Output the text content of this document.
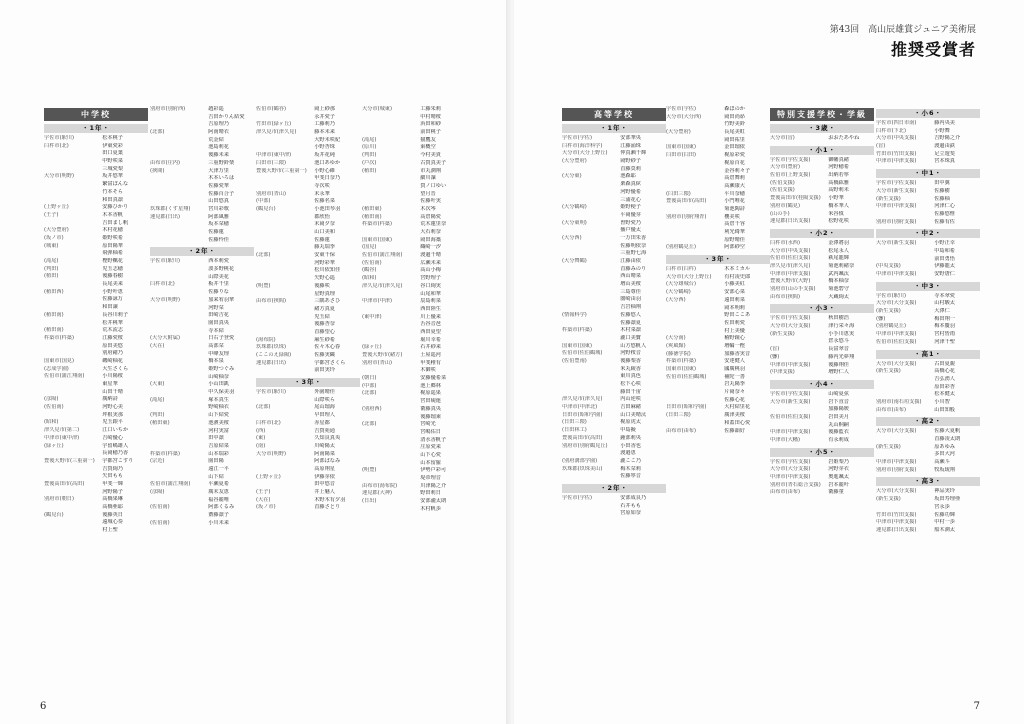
中学校
・1年・
宇佐市(駅川)	松本桃子
臼杵市(北)	伊東愛彩
田口夏葉
中野咲菜
三城愛梨
大分市(明野)	坂井悠華
繁富ぼんな
竹本そら
和田真凛
(上野ヶ丘)	安藤ひかり
(王子)	木本香帆
吉田まし帆
(大分豊府)	木村花穂
(坂ノ市)	姫野咲希
(城東)	原田陽華
飛弾柚希
(滝尾)	樫野楓花
(判田)	児玉志穂
(植田)	後藤春樹
長尾美来
(稙田西)	小野叶恵
佐藤詠万
和田譲
(稙田南)	長谷川莉子
松井桃華
(稙田南)	荒木流志
杵築市(杵築)	江藤愛桜
原田美悠
別府緒乃
国東市(国見)	磯崎柚花
(志成学園)	大生さくら
佐伯市(蒲江翔南)	小川陽桜
東星華
山田千晴
(彦陽)	廣納詩
(佐伯南)	河野心美
坪根実那
(昭和)	児玉銀平
津久見市(第二)	江口いちか
中津市(東中津)	吉崎優心
(緑ヶ丘)	宇留嶋雄人
長岡穂乃香
豊後大野市(三重第一)	宇都宮こすり
吉賀絢乃
矢田もも
豊後高田市(高田)	甲斐一輝
河野陽子
別府市(朝日)	高橋果琳
高橋亜耶
(鶴見台)	後藤英日
遠城心奏
村上聖
別府市(別府西)	趙彩遥
吉田かりん結愛
吉原理乃
(北部)	阿南晴衣
荒金結
池島莉花
後藤未来
由布市(庄内)	三重野鈴楽
(挾間)	大津万里
木本いろは
佐藤愛華
佐藤百合子
山田悠真
玖珠郡(くす星翔)	宮川彩歌
速見郡(日出)	阿部風雅
坂本栞穂
佐藤蓮
佐藤怜佳
・2年・
宇佐市(駅川)	西本莉愛
波多野桃花
山際美花
臼杵市(北)	板井千里
佐藤りな
大分市(明野)	加来宥羽華
河野栞
田崎吉花
園田真央
寺本結
(大分大附属)	日右子登愛
(大在)	高部栞
中峰友理
橋本泉
姫野つぐみ
山崎柚奈
(大東)	小山田凱
中久保美羽
(滝尾)	塚本真生
野崎柚衣
(判田)	山下結愛
(稙田東)	池濱美桜
河村実富
田中凛
吉原結菜
杵築市(杵築)	山本瑞彩
(宗近)	園田陽
遠江一平
山下結
佐伯市(蒲江翔南)	平瀬夏希
(彦陽)	廣末友恵
福谷麗唯
(佐伯南)	阿部くるみ
齋藤凛子
(佐伯南)	小川未来
佐伯市(鶴谷)	岡上紗那
永井愛子
竹田市(緑ヶ丘)	工藤莉乃
津久見市(津久見)	藤本未来
大野未咲紀
小野杏珠
中津市(東中津)	坂井花純
臼田市(三隈)	池口あゆか
豊後大野市(三重第一)	小野心維
甲斐日奈乃
寺次咲
別府市(青山)	末永華
(中部)	佐藤名菜
(鶴見台)	小池田琴羽
郡欣怡
末岡夕奈
山口美和
佐藤蓮
藤丸瑞季
(北部)	安東千保
河野彩華
松川依知佳
矢野心遥
(明豊)	後藤咲
星野真理
由布市(挾間)	三隅あさひ
緒方真夏
児玉結
後藤杏奈
首藤望心
(湯布院)	麻生紗希
玖珠郡(玖珠)	佐々木心春
(ここのえ緑陽)	佐藤実織
速見郡(日出)	宇都宮さくら
前田実玲
・3年・
宇佐市(駅川)	外園晴佳
山際咲ら
(北部)	尾山瑠海
早田理人
臼杵市(北)	赤星都
(西)	吉賀苑通
(東)	久知良真央
(南)	川崎陽太
大分市(明野)	阿南陽菜
阿部ばなみ
高原翔星
(上野ヶ丘)	伊藤芽依
田中悠音
(王子)	井上魅人
(大在)	木野木有夕羽
(坂ノ市)	首藤さとり
大分市(城東)	工藤朱莉
中村晴桜
浜田和紗
前田桃子
(滝尾)	猫鷹友
(原川)	乗概空
(判田)	今村美貴
(戸次)	古賀真美子
(稙田)	市丸潤翔
細川凜
賀ノ口ゆい
望月晋
佐藤叶実
(稙田東)	木次岑
(稙田南)	高倉陽愛
杵築市(杵築)	荒木蓮里奈
大石莉奈
国東市(国東)	岡田海藁
(国見)	織崎一汐
佐伯市(蒲江翔南)	渡邊千晴
(佐伯南)	広瀬未来
(鶴谷)	高山小梅
(昭和)	宮野理子
津久見市(津久見)	谷口絢実
山尾和華
中津市(中津)	辰島莉菜
西田陸生
(東中津)	川上優来
舌谷音琶
西田夏望
堀川幸希
(緑ヶ丘)	石井紗来
豊後大野市(緒方)	土屋遥河
別府市(青山)	甲斐稚有
木御咲
(朝日)	安藤優希菜
(中部)	池上郷林
(北部)	梶原遥果
宮田硯運
(別府西)	衛藤真央
後藤瑠乗
(北部)	宮崎光
宮嶋佑日
清水香帆子
庄原愛来
山下心愛
山本留羅
(明豊)	伊勢戸彩可
堤帝理音
由布市(湯布院)	川津陽之介
速見郡(大神)	野田莉日
(日出)	安部瀧太朗
木村帆歩
6
第43回　高山辰雄賞ジュニア美術展
推奨受賞者
高等学校
・1年・
宇佐市(宇佐)	安部華央
臼杵市(海洋科学)	江藤涌珠
大分市(大分上野丘)	仲真瀬千輝
(大分豊府)	岡野紗子
首藤莫莉
(大分東)	池森耶
栗森真絃
河野優希
三浦花心
(大分鶴崎)	姫野梗子
平岡優芽
(大分東明)	曽野愛乃
播戸優太
(大分西)	一万田朱香
佐藤明依奈
三重野七海
(大分舞鶴)	江藤由依
首藤みのり
西山晴菜
増山美桜
三島尊佳
薗崎由羽
吉岩柚翔
(情報科学)	佐藤悠人
佐藤凛夏
杵築市(杵築)	木村菜凛
瀧口美寶
国東市(国東)	山方悠帆人
佐伯市(佐伯鶴城)	河野桜音
(佐伯豊南)	後藤梨香
米丸綾香
東川真色
松下心咲
藤田千宙
津久見市(津久見)	内山逆咲
中津市(中津北)	吉田麻緒
日田市(昭和学園)	山口美晴汰
(日田三隈)	梶原虎太
(日田林工)	中島擬
豊後高田市(高田)	鍾部莉央
別府市(別府鶴見丘)	小田香也
渡邉恵
(別府溝部学園)	瀧ここ乃
玖珠郡(玖珠美山)	梅木栞莉
佐藤寧音
・2年・
宇佐市(宇佐)	安部成良乃
石井もも
宮原如奈
宇佐市(宇佐)	森ほのか
大分市(大分西)	岡田尚昴
竹野美鈴
(大分豊府)	長尾美虹
岡田祐里
国東市(国東)	金田瑠依
臼田市(臼田)	梶原彩愛
梶原百花
金谷莉々子
高倉舞莉
高瀬康大
(臼田三隈)	平川奈穂
豊後高田市(高田)	小門唯花
菊池陶詩
別府市(別府翔青)	櫻美咲
高倉千容
利光綺華
原野晴佳
(別府鶴見丘)	阿部紗空
・3年・
臼杵市(臼杵)	木本ミカル
大分市(大分上野丘)	有村凌史郎
(大分雄城台)	小藤美紅
(大分鶴崎)	安部心菜
(大分西)	遠田莉菜
岡本明莉
野田ここあ
佐田莉愛
村上美優
(大分南)	稽野鏡心
(爽風館)	増輪一樫
(藤徳学院)	加藤香実音
杵築市(杵築)	安達健人
国東市(国東)	國廣桃羽
佐伯市(佐伯鶴城)	補陀一善
岩丸陽季
片岡奈々
佐藤心花
日田市(昭和学園)	大村結里花
(日田三隈)	廣津美桜
和蓋田心愛
由布市(由布)	佐藤韻好
特別支援学校・学級
・3歳・
大分市(盲)	おおたあやね
・小1・
宇佐市(宇佐支援)	御幡真緒
大分市(豊府)	河野穂希
佐伯市(上野支援)	出納若寧
(佐伯支援)	高橋紘雅
(佐伯支援)	高野莉未
豊後高田市(桂陽支援)	小野華
別府市(鶴見)	橋本華人
(山の手)	米谷慎
速見郡(日出支援)	松野花咲
・小2・
臼杵市(水西)	金澤將羽
大分市(中央支援)	松尾永人
佐伯市(佐伯支援)	萩尾龍輝
津久見市(津久見)	菊池莉緒奈
中津市(中津支援)	武内颯汰
豊後大野市(大野)	橋本柚奈
別府市(山の手支援)	菊池碧守
由布市(挾間)	大蔵絢太
・小3・
宇佐市(宇佐支援)	秋田樹浩
大分市(大分支援)	津行栄々海
(新生支援)	小手川恵実
倉永悠斗
(盲)	長富翠音
(聾)	藤内光夢翔
中津市(中津支援)	後藤翔佳
(中津支援)	増野仁人
・小4・
宇佐市(宇佐支援)	山崎夏弦
大分市(新生支援)	岩下直音
加藤陽媛
佐伯市(佐伯支援)	岩田美月
丸山桐嗣
中津市(中津支援)	後藤藍衣
中津市(大幡)	有永莉成
・小5・
宇佐市(宇佐支援)	岩姫梨乃
大分市(大分支援)	河野芽衣
中津市(中津支援)	奥進颯太
別府市(青石総合支援)	岩本麗叶
由布市(由布)	衛藤菫
・小6・
宇佐市(四日市南)	藤内央美
臼杵市(下北)	小野舞
大分市(中央支援)	吉野陽之介
(盲)	渡邊由鉄
竹田市(竹田支援)	足立遊斐
中津市(中津支援)	宮本珠真
・中1・
宇佐市(宇佐支援)	田中翼
大分市(新生支援)	佐藤樹
(新生支援)	佐藤柚
中津市(中津支援)	河津仁心
佐藤悠惟
別府市(別府支援)	佐藤有佐
・中2・
大分市(新生支援)	小野正幸
中島和希
前田勇悟
(中央支援)	伊藤龍太
中津市(中津支援)	安野唐仁
・中3・
宇佐市(駅川)	寺本翠愛
大分市(大分支援)	山村駿太
(新生支援)	大澤仁
(聾)	梅田翔一
(別府鶴見丘)	梅本慶羽
中津市(中津支援)	宮村皆雨
佐伯市(佐伯支援)	河津千聖
・高1・
大分市(大分支援)	古田夏親
(新生支援)	高橋心花
吉弘湧人
原田彩杏
松本健太
別府市(南石垣支援)	小川智
由布市(由布)	山田知般
・高2・
大分市(大分支援)	佐藤大夏帆
首藤凌太朗
(新生支援)	原あゆみ
多田大河
中津市(中津支援)	高瀬斗
別府市(別府支援)	牧坂琉翔
・高3・
大分市(大分支援)	神品実玲
(新生支援)	坂田寿理亜
宮永歩
竹田市(竹田支援)	佐藤功輝
中津市(中津支援)	中村一歩
速見郡(日出支援)	船木潤太
7
